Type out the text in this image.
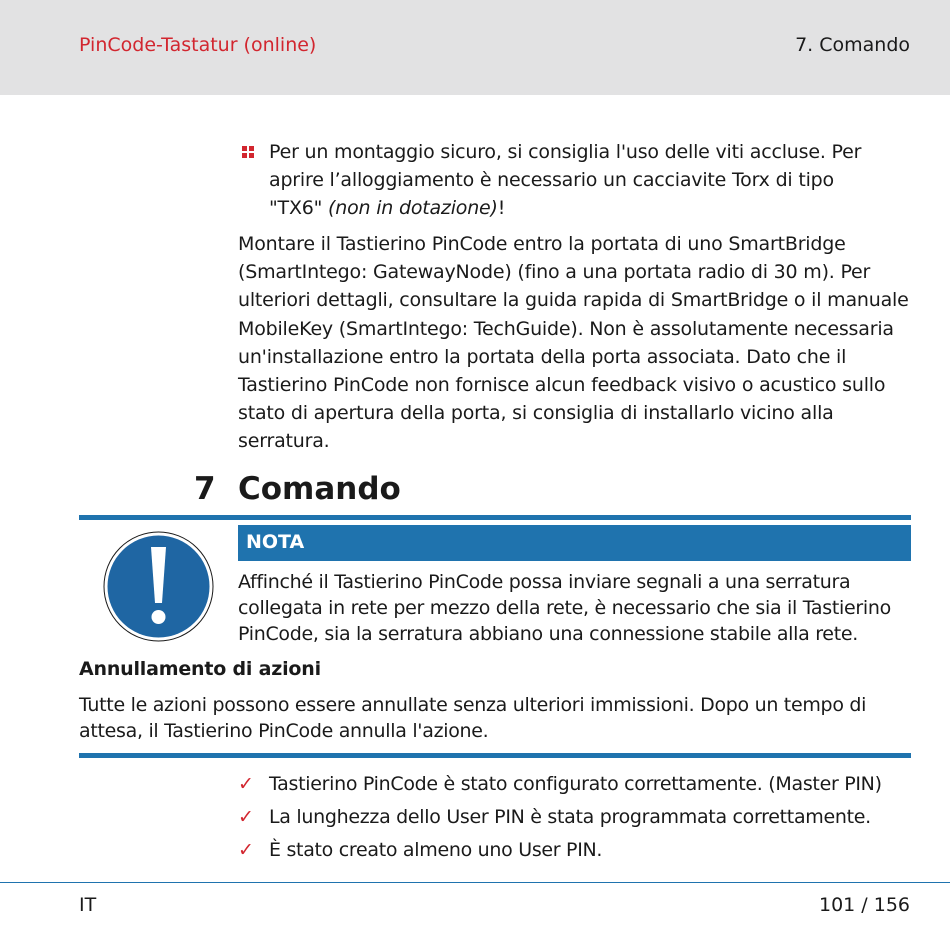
PinCode-Tastatur (online)	7. Comando
Per un montaggio sicuro, si consiglia l'uso delle viti accluse. Per aprire l’alloggiamento è necessario un cacciavite Torx di tipo "TX6" (non in dotazione)!

Montare il Tastierino PinCode entro la portata di uno SmartBridge (SmartIntego: GatewayNode) (fino a una portata radio di 30 m). Per ulteriori dettagli, consultare la guida rapida di SmartBridge o il manuale MobileKey (SmartIntego: TechGuide). Non è assolutamente necessaria un'installazione entro la portata della porta associata. Dato che il Tastierino PinCode non fornisce alcun feedback visivo o acustico sullo stato di apertura della porta, si consiglia di installarlo vicino alla serratura.

7 Comando
NOTA

Affinché il Tastierino PinCode possa inviare segnali a una serratura collegata in rete per mezzo della rete, è necessario che sia il Tastierino PinCode, sia la serratura abbiano una connessione stabile alla rete.

Annullamento di azioni

Tutte le azioni possono essere annullate senza ulteriori immissioni. Dopo un tempo di attesa, il Tastierino PinCode annulla l'azione.

✓ Tastierino PinCode è stato configurato correttamente. (Master PIN)
✓ La lunghezza dello User PIN è stata programmata correttamente.
✓ È stato creato almeno uno User PIN.
IT	101 / 156
